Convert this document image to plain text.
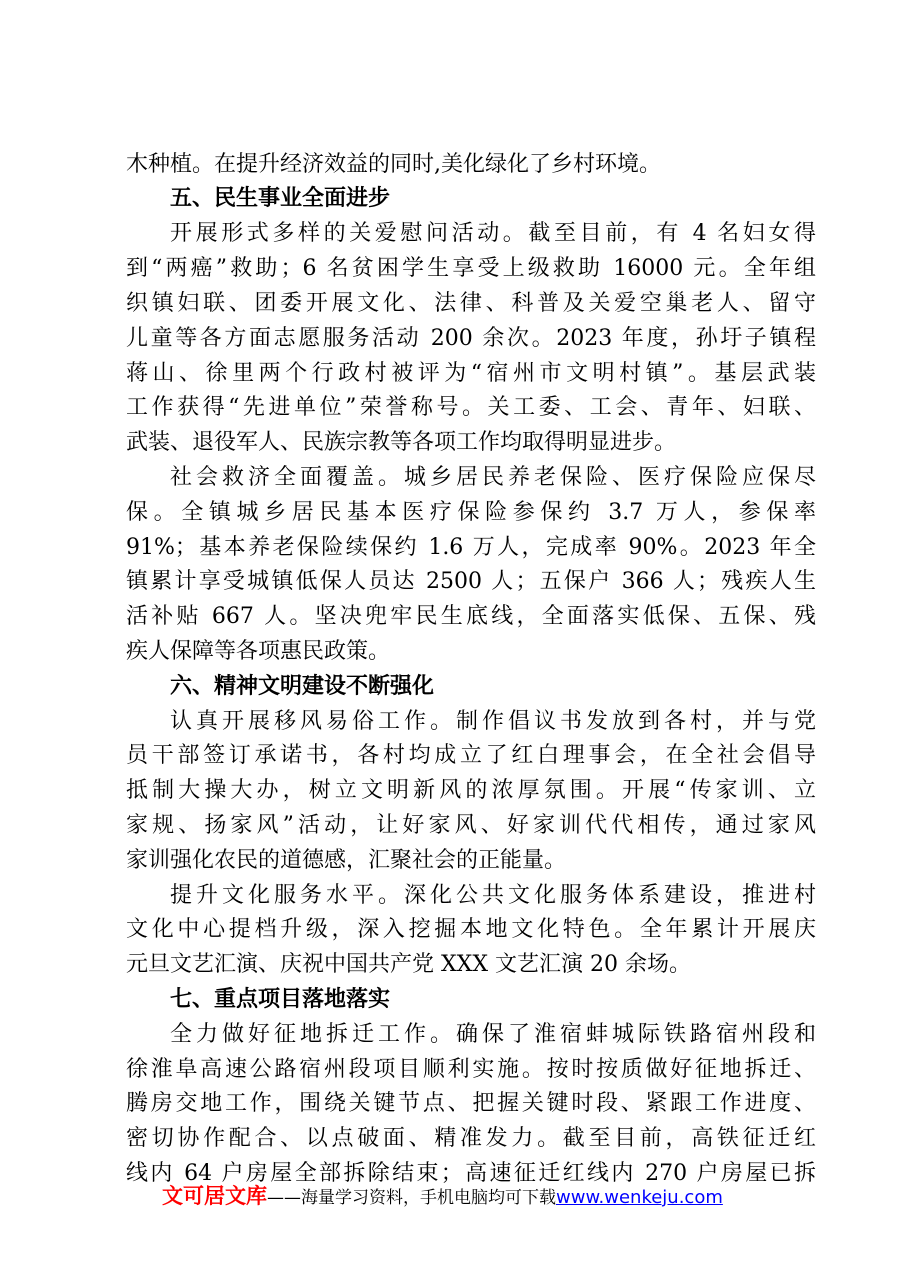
木种植。在提升经济效益的同时,美化绿化了乡村环境。
五、民生事业全面进步
开展形式多样的关爱慰问活动。截至目前，有 4 名妇女得
到“两癌”救助；6 名贫困学生享受上级救助 16000 元。全年组
织镇妇联、团委开展文化、法律、科普及关爱空巢老人、留守
儿童等各方面志愿服务活动 200 余次。2023 年度，孙圩子镇程
蒋山、徐里两个行政村被评为“宿州市文明村镇”。基层武装
工作获得“先进单位”荣誉称号。关工委、工会、青年、妇联、
武装、退役军人、民族宗教等各项工作均取得明显进步。
社会救济全面覆盖。城乡居民养老保险、医疗保险应保尽
保。全镇城乡居民基本医疗保险参保约 3.7 万人，参保率
91%；基本养老保险续保约 1.6 万人，完成率 90%。2023 年全
镇累计享受城镇低保人员达 2500 人；五保户 366 人；残疾人生
活补贴 667 人。坚决兜牢民生底线，全面落实低保、五保、残
疾人保障等各项惠民政策。
六、精神文明建设不断强化
认真开展移风易俗工作。制作倡议书发放到各村，并与党
员干部签订承诺书，各村均成立了红白理事会，在全社会倡导
抵制大操大办，树立文明新风的浓厚氛围。开展“传家训、立
家规、扬家风”活动，让好家风、好家训代代相传，通过家风
家训强化农民的道德感，汇聚社会的正能量。
提升文化服务水平。深化公共文化服务体系建设，推进村
文化中心提档升级，深入挖掘本地文化特色。全年累计开展庆
元旦文艺汇演、庆祝中国共产党 XXX 文艺汇演 20 余场。
七、重点项目落地落实
全力做好征地拆迁工作。确保了淮宿蚌城际铁路宿州段和
徐淮阜高速公路宿州段项目顺利实施。按时按质做好征地拆迁、
腾房交地工作，围绕关键节点、把握关键时段、紧跟工作进度、
密切协作配合、以点破面、精准发力。截至目前，高铁征迁红
线内 64 户房屋全部拆除结束；高速征迁红线内 270 户房屋已拆
文可居文库——海量学习资料，手机电脑均可下载www.wenkeju.com
